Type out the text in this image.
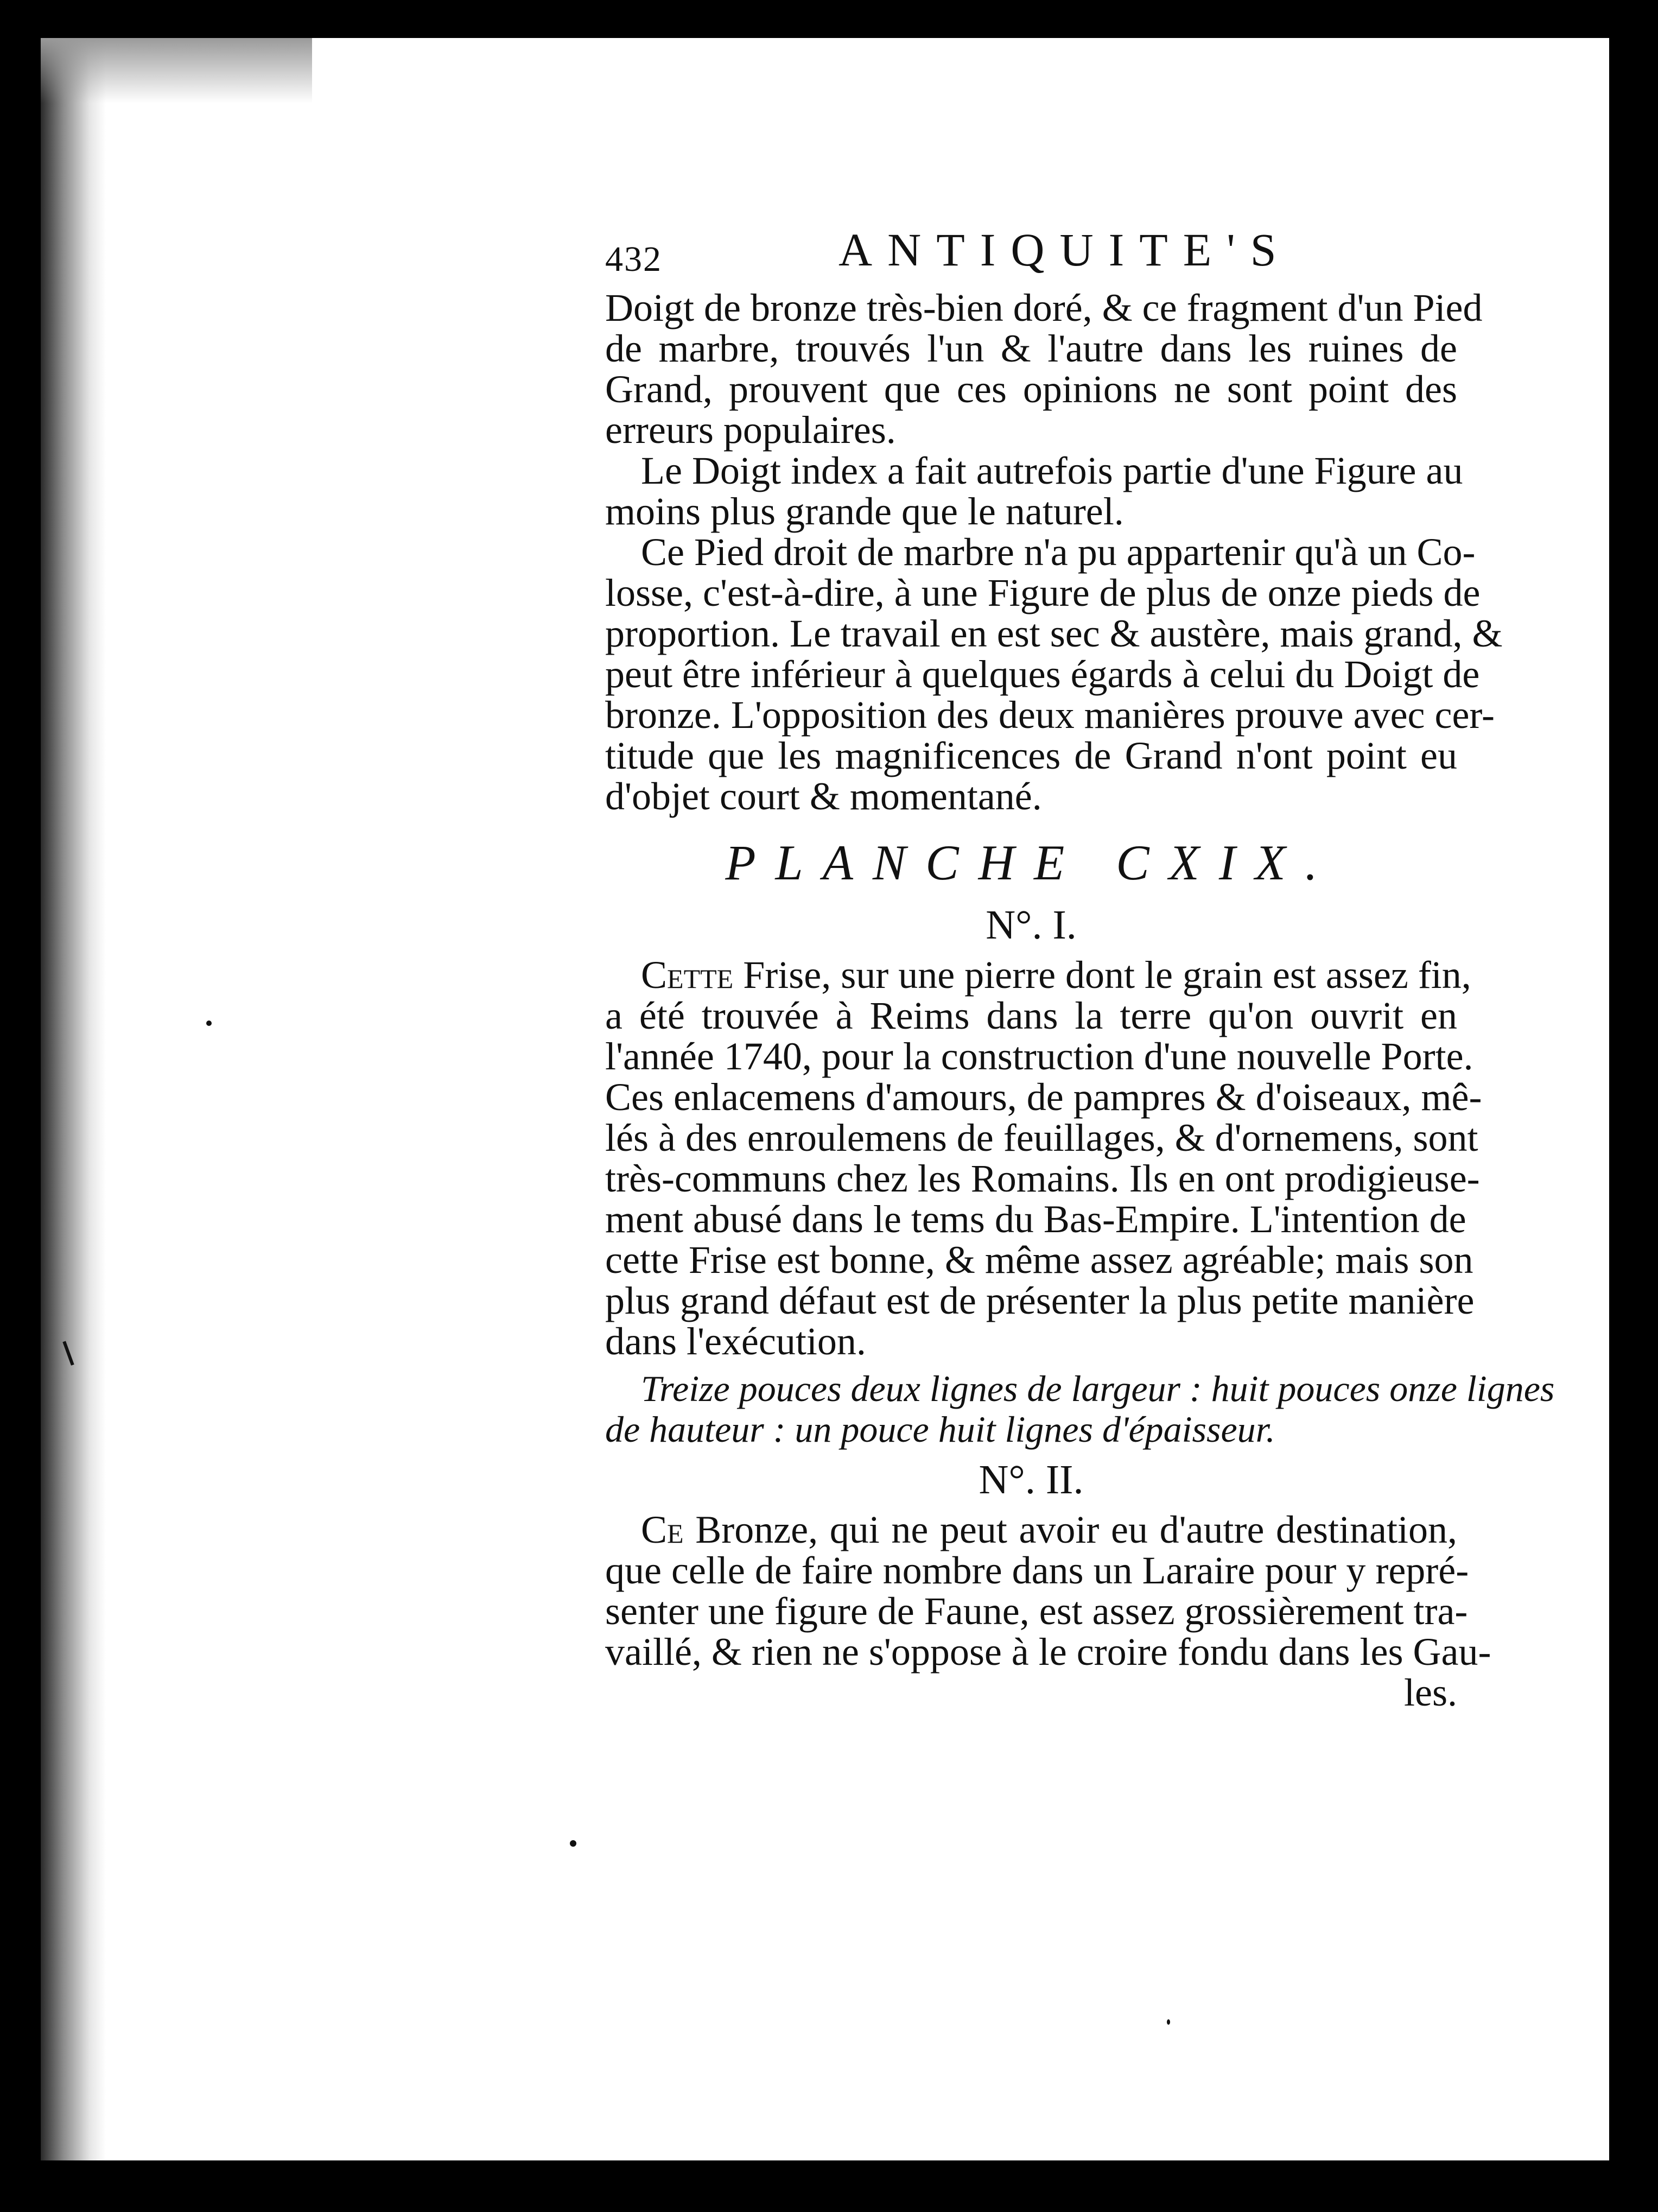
432	ANTIQUITE'S
Doigt de bronze très-bien doré, & ce fragment d'un Pied
de marbre, trouvés l'un & l'autre dans les ruines de
Grand, prouvent que ces opinions ne sont point des
erreurs populaires.
Le Doigt index a fait autrefois partie d'une Figure au
moins plus grande que le naturel.
Ce Pied droit de marbre n'a pu appartenir qu'à un Co-
losse, c'est-à-dire, à une Figure de plus de onze pieds de
proportion. Le travail en est sec & austère, mais grand, &
peut être inférieur à quelques égards à celui du Doigt de
bronze. L'opposition des deux manières prouve avec cer-
titude que les magnificences de Grand n'ont point eu
d'objet court & momentané.
PLANCHE CXIX.
N°. I.
Cette Frise, sur une pierre dont le grain est assez fin,
a été trouvée à Reims dans la terre qu'on ouvrit en
l'année 1740, pour la construction d'une nouvelle Porte.
Ces enlacemens d'amours, de pampres & d'oiseaux, mê-
lés à des enroulemens de feuillages, & d'ornemens, sont
très-communs chez les Romains. Ils en ont prodigieuse-
ment abusé dans le tems du Bas-Empire. L'intention de
cette Frise est bonne, & même assez agréable; mais son
plus grand défaut est de présenter la plus petite manière
dans l'exécution.
Treize pouces deux lignes de largeur : huit pouces onze lignes
de hauteur : un pouce huit lignes d'épaisseur.
N°. II.
Ce Bronze, qui ne peut avoir eu d'autre destination,
que celle de faire nombre dans un Laraire pour y repré-
senter une figure de Faune, est assez grossièrement tra-
vaillé, & rien ne s'oppose à le croire fondu dans les Gau-
les.
